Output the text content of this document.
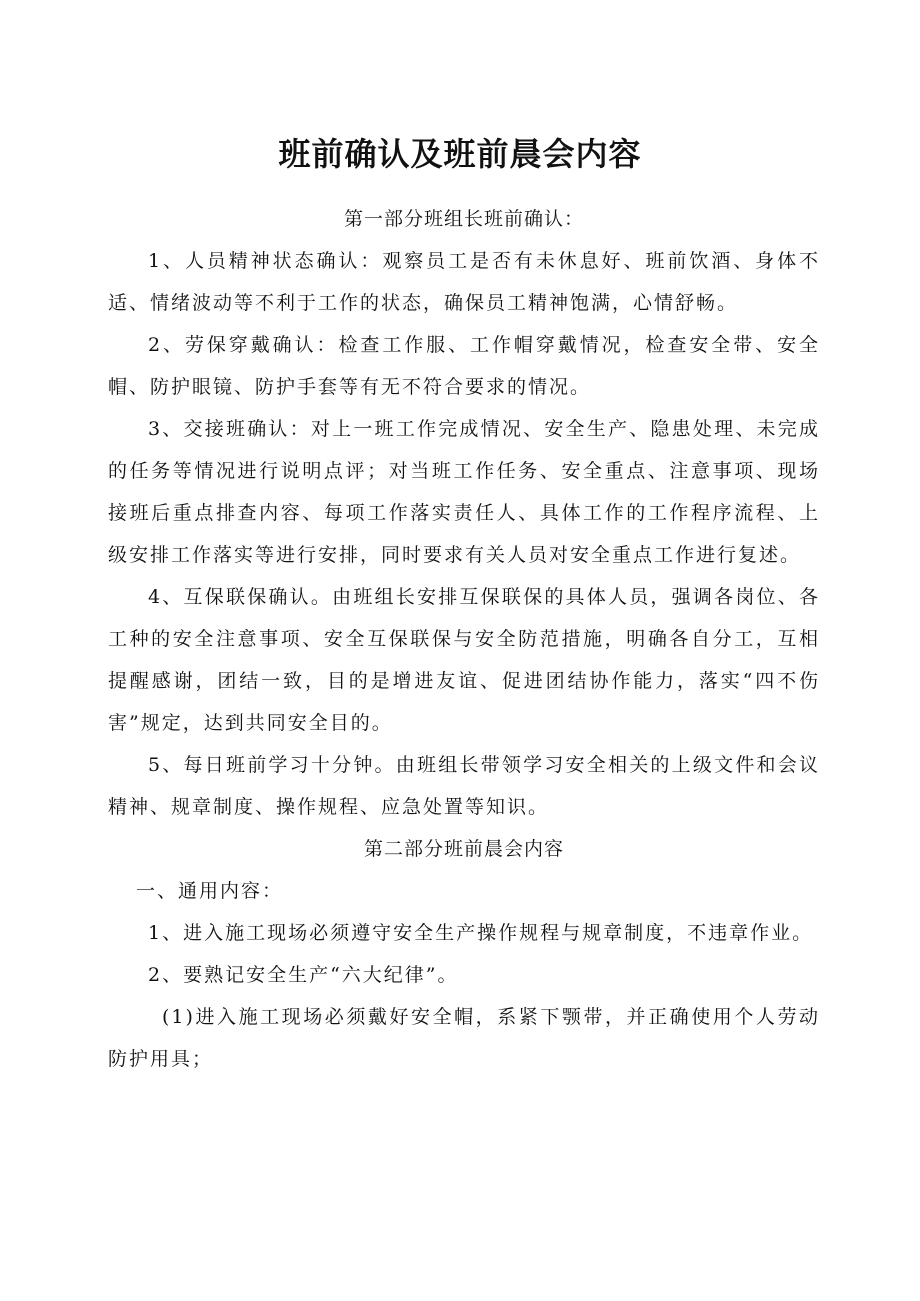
班前确认及班前晨会内容

第一部分班组长班前确认：

1、人员精神状态确认：观察员工是否有未休息好、班前饮酒、身体不适、情绪波动等不利于工作的状态，确保员工精神饱满，心情舒畅。

2、劳保穿戴确认：检查工作服、工作帽穿戴情况，检查安全带、安全帽、防护眼镜、防护手套等有无不符合要求的情况。

3、交接班确认：对上一班工作完成情况、安全生产、隐患处理、未完成的任务等情况进行说明点评；对当班工作任务、安全重点、注意事项、现场接班后重点排查内容、每项工作落实责任人、具体工作的工作程序流程、上级安排工作落实等进行安排，同时要求有关人员对安全重点工作进行复述。

4、互保联保确认。由班组长安排互保联保的具体人员，强调各岗位、各工种的安全注意事项、安全互保联保与安全防范措施，明确各自分工，互相提醒感谢，团结一致，目的是增进友谊、促进团结协作能力，落实“四不伤害”规定，达到共同安全目的。

5、每日班前学习十分钟。由班组长带领学习安全相关的上级文件和会议精神、规章制度、操作规程、应急处置等知识。

第二部分班前晨会内容

一、通用内容：

1、进入施工现场必须遵守安全生产操作规程与规章制度，不违章作业。

2、要熟记安全生产“六大纪律”。

(1)进入施工现场必须戴好安全帽，系紧下颚带，并正确使用个人劳动防护用具；
